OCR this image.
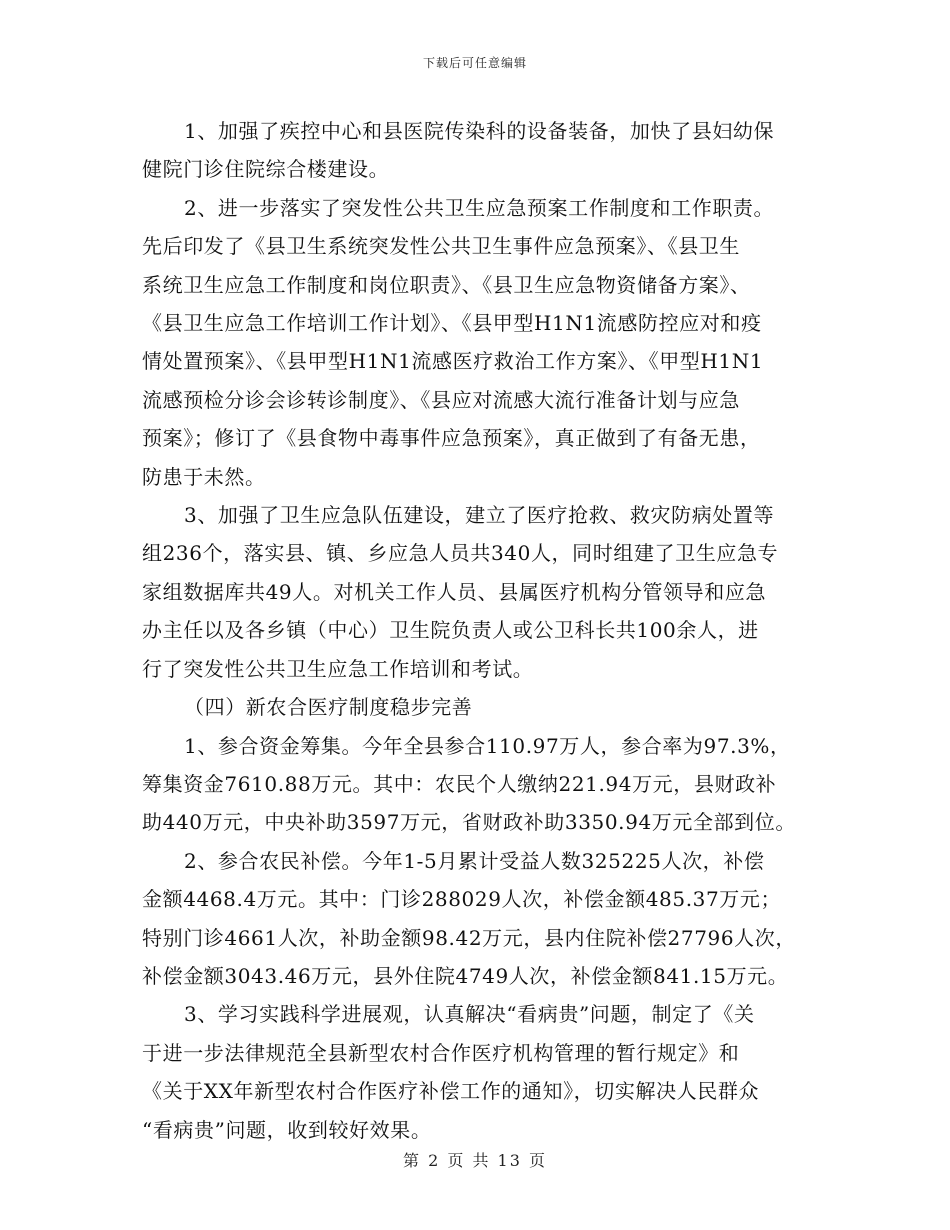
下载后可任意编辑

1、加强了疾控中心和县医院传染科的设备装备，加快了县妇幼保
健院门诊住院综合楼建设。

2、进一步落实了突发性公共卫生应急预案工作制度和工作职责。
先后印发了《县卫生系统突发性公共卫生事件应急预案》、《县卫生
系统卫生应急工作制度和岗位职责》、《县卫生应急物资储备方案》、
《县卫生应急工作培训工作计划》、《县甲型H1N1流感防控应对和疫
情处置预案》、《县甲型H1N1流感医疗救治工作方案》、《甲型H1N1
流感预检分诊会诊转诊制度》、《县应对流感大流行准备计划与应急
预案》；修订了《县食物中毒事件应急预案》，真正做到了有备无患，
防患于未然。

3、加强了卫生应急队伍建设，建立了医疗抢救、救灾防病处置等
组236个，落实县、镇、乡应急人员共340人，同时组建了卫生应急专
家组数据库共49人。对机关工作人员、县属医疗机构分管领导和应急
办主任以及各乡镇（中心）卫生院负责人或公卫科长共100余人，进
行了突发性公共卫生应急工作培训和考试。

（四）新农合医疗制度稳步完善

1、参合资金筹集。今年全县参合110.97万人，参合率为97.3%，
筹集资金7610.88万元。其中：农民个人缴纳221.94万元，县财政补
助440万元，中央补助3597万元，省财政补助3350.94万元全部到位。

2、参合农民补偿。今年1-5月累计受益人数325225人次，补偿
金额4468.4万元。其中：门诊288029人次，补偿金额485.37万元；
特别门诊4661人次，补助金额98.42万元，县内住院补偿27796人次，
补偿金额3043.46万元，县外住院4749人次，补偿金额841.15万元。

3、学习实践科学进展观，认真解决“看病贵”问题，制定了《关
于进一步法律规范全县新型农村合作医疗机构管理的暂行规定》和
《关于XX年新型农村合作医疗补偿工作的通知》，切实解决人民群众
“看病贵”问题，收到较好效果。

第 2 页 共 13 页
